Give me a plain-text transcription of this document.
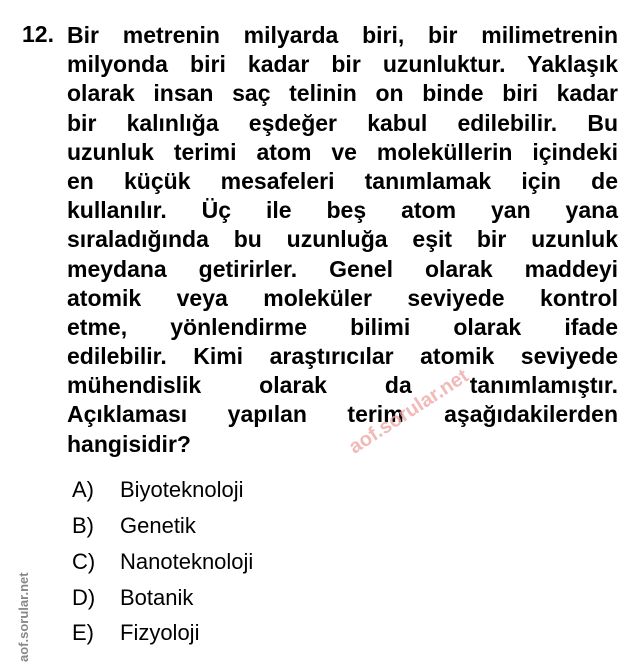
12. Bir metrenin milyarda biri, bir milimetrenin
milyonda biri kadar bir uzunluktur. Yaklaşık
olarak insan saç telinin on binde biri kadar
bir kalınlığa eşdeğer kabul edilebilir. Bu
uzunluk terimi atom ve moleküllerin içindeki
en küçük mesafeleri tanımlamak için de
kullanılır. Üç ile beş atom yan yana
sıraladığında bu uzunluğa eşit bir uzunluk
meydana getirirler. Genel olarak maddeyi
atomik veya moleküler seviyede kontrol
etme, yönlendirme bilimi olarak ifade
edilebilir. Kimi araştırıcılar atomik seviyede
mühendislik olarak da tanımlamıştır.
Açıklaması yapılan terim aşağıdakilerden
hangisidir?
A) Biyoteknoloji
B) Genetik
C) Nanoteknoloji
D) Botanik
E) Fizyoloji
aof.sorular.net
aof.sorular.net
